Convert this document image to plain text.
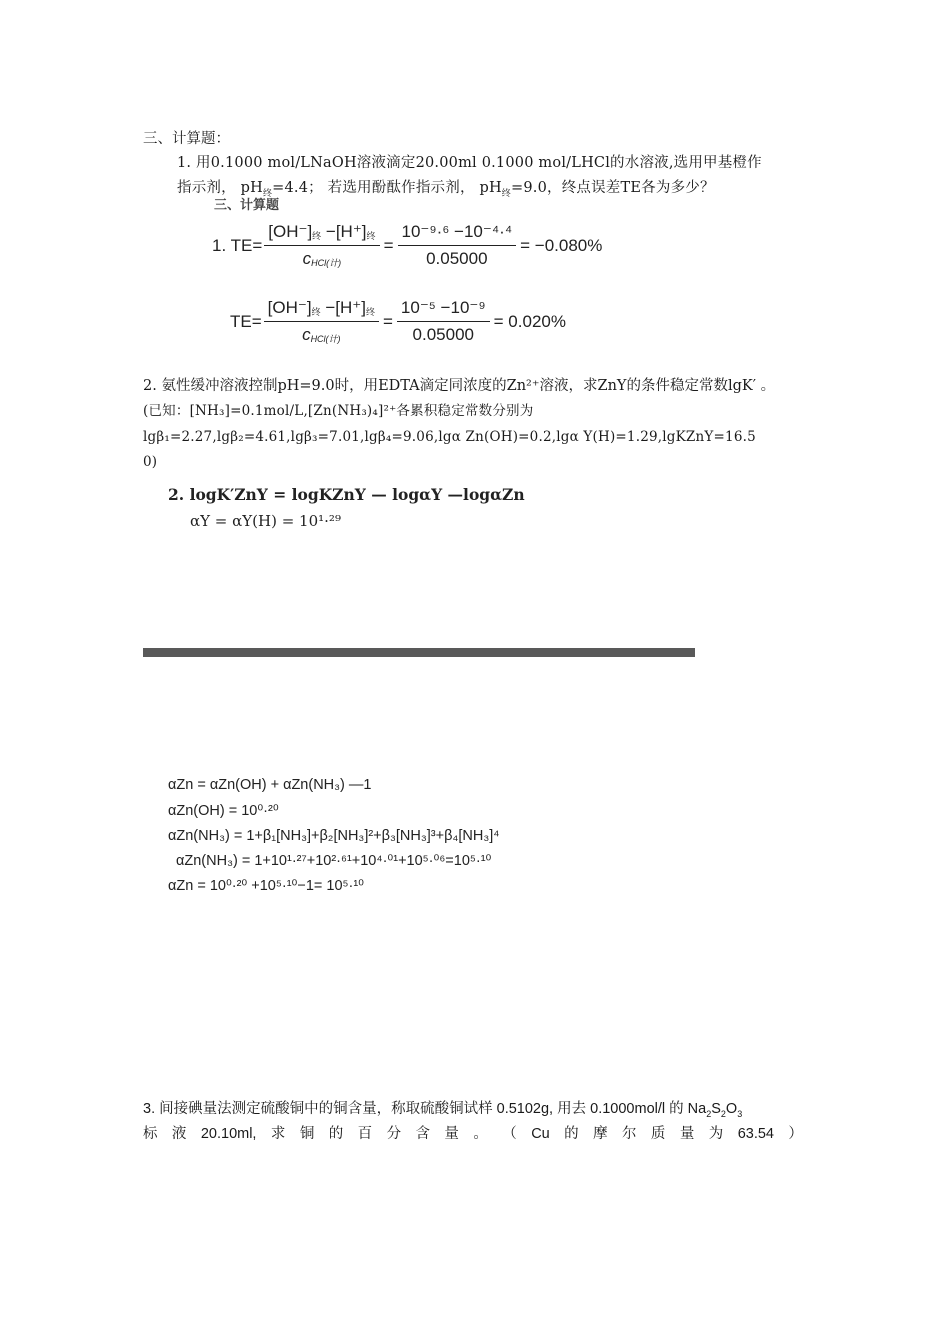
三、计算题：
1. 用0.1000 mol/LNaOH溶液滴定20.00ml 0.1000 mol/LHCl的水溶液,选用甲基橙作
指示剂， $pH_终=4.4$； 若选用酚酞作指示剂， $pH_终=9.0$，终点误差TE各为多少？
三、计算题
1. $TE= \frac{\text{[OH⁻]终 −[H⁺]终}}{\text{cHCl(计)}} = \frac{\text{10⁻⁹·⁶ −10⁻⁴·⁴}}{0.05000} = -0.080\%$
$TE= \frac{\text{[OH⁻]终 −[H⁺]终}}{\text{cHCl(计)}} = \frac{\text{10⁻⁵ −10⁻⁹}}{0.05000} = 0.020\%$
2. 氨性缓冲溶液控制pH=9.0时，用EDTA滴定同浓度的Zn²⁺溶液，求ZnY的条件稳定常数lgK′ 。
(已知：[NH₃]=0.1mol/L,[Zn(NH₃)₄]²⁺各累积稳定常数分别为
lgβ₁=2.27,lgβ₂=4.61,lgβ₃=7.01,lgβ₄=9.06,lgα Zn(OH)=0.2,lgα Y(H)=1.29,lgKZnY=16.5
0)
2. logK′ZnY = logKZnY — logαY —logαZn
αY = αY(H) = 10¹·²⁹
αZn = αZn(OH) + αZn(NH₃) —1
αZn(OH) = 10⁰·²⁰
αZn(NH₃) = 1+β₁[NH₃]+β₂[NH₃]²+β₃[NH₃]³+β₄[NH₃]⁴
αZn(NH₃) = 1+10¹·²⁷+10²·⁶¹+10⁴·⁰¹+10⁵·⁰⁶=10⁵·¹⁰
αZn = 10⁰·²⁰ +10⁵·¹⁰−1= 10⁵·¹⁰
3. 间接碘量法测定硫酸铜中的铜含量，称取硫酸铜试样 0.5102g, 用去 0.1000mol/l 的 $Na_2S_2O_3$
标 液 20.10ml, 求 铜 的 百 分 含 量 。 （ Cu 的 摩 尔 质 量 为 63.54 ）
